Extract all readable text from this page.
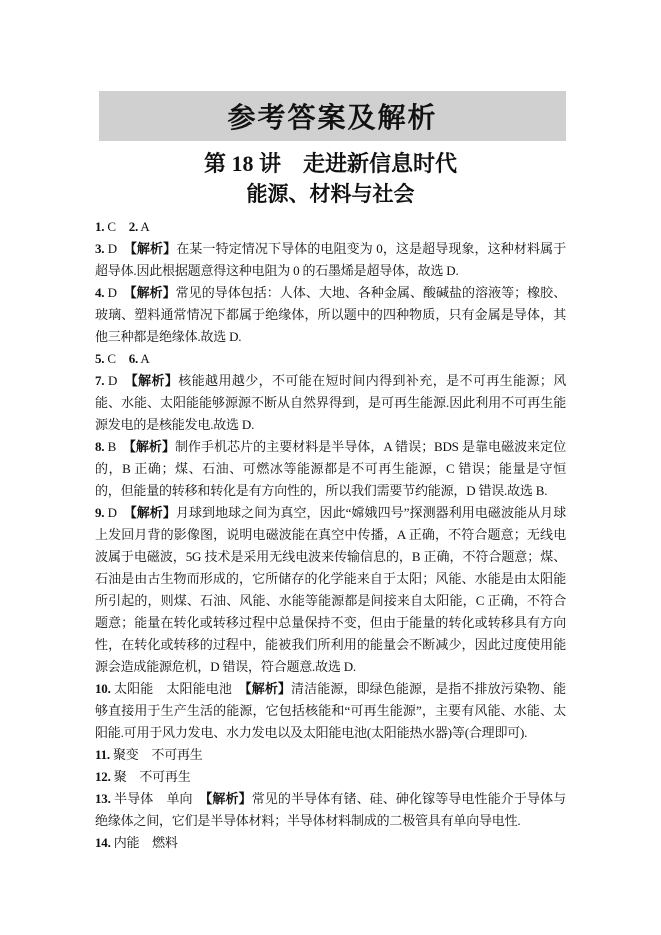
参考答案及解析
第 18 讲　走进新信息时代
能源、材料与社会

1. C　 2. A

3. D　 【解析】在某一特定情况下导体的电阻变为 0，这是超导现象，这种材料属于超导体.因此根据题意得这种电阻为 0 的石墨烯是超导体，故选 D.

4. D　 【解析】常见的导体包括：人体、大地、各种金属、酸碱盐的溶液等；橡胶、玻璃、塑料通常情况下都属于绝缘体，所以题中的四种物质，只有金属是导体，其他三种都是绝缘体.故选 D.

5. C　 6. A

7. D　 【解析】核能越用越少，不可能在短时间内得到补充，是不可再生能源；风能、水能、太阳能能够源源不断从自然界得到，是可再生能源.因此利用不可再生能源发电的是核能发电.故选 D.

8. B　 【解析】制作手机芯片的主要材料是半导体，A 错误；BDS 是靠电磁波来定位的，B 正确；煤、石油、可燃冰等能源都是不可再生能源，C 错误；能量是守恒的，但能量的转移和转化是有方向性的，所以我们需要节约能源，D 错误.故选 B.

9. D　 【解析】月球到地球之间为真空，因此“嫦娥四号”探测器利用电磁波能从月球上发回月背的影像图，说明电磁波能在真空中传播，A 正确，不符合题意；无线电波属于电磁波，5G 技术是采用无线电波来传输信息的，B 正确，不符合题意；煤、石油是由古生物而形成的，它所储存的化学能来自于太阳；风能、水能是由太阳能所引起的，则煤、石油、风能、水能等能源都是间接来自太阳能，C 正确，不符合题意；能量在转化或转移过程中总量保持不变，但由于能量的转化或转移具有方向性，在转化或转移的过程中，能被我们所利用的能量会不断减少，因此过度使用能源会造成能源危机，D 错误，符合题意.故选 D.

10. 太阳能　 太阳能电池　 【解析】清洁能源，即绿色能源，是指不排放污染物、能够直接用于生产生活的能源，它包括核能和“可再生能源”，主要有风能、水能、太阳能.可用于风力发电、水力发电以及太阳能电池(太阳能热水器)等(合理即可).

11. 聚变　 不可再生

12. 聚　 不可再生

13. 半导体　 单向　 【解析】常见的半导体有锗、硅、砷化镓等导电性能介于导体与绝缘体之间，它们是半导体材料；半导体材料制成的二极管具有单向导电性.

14. 内能　 燃料
